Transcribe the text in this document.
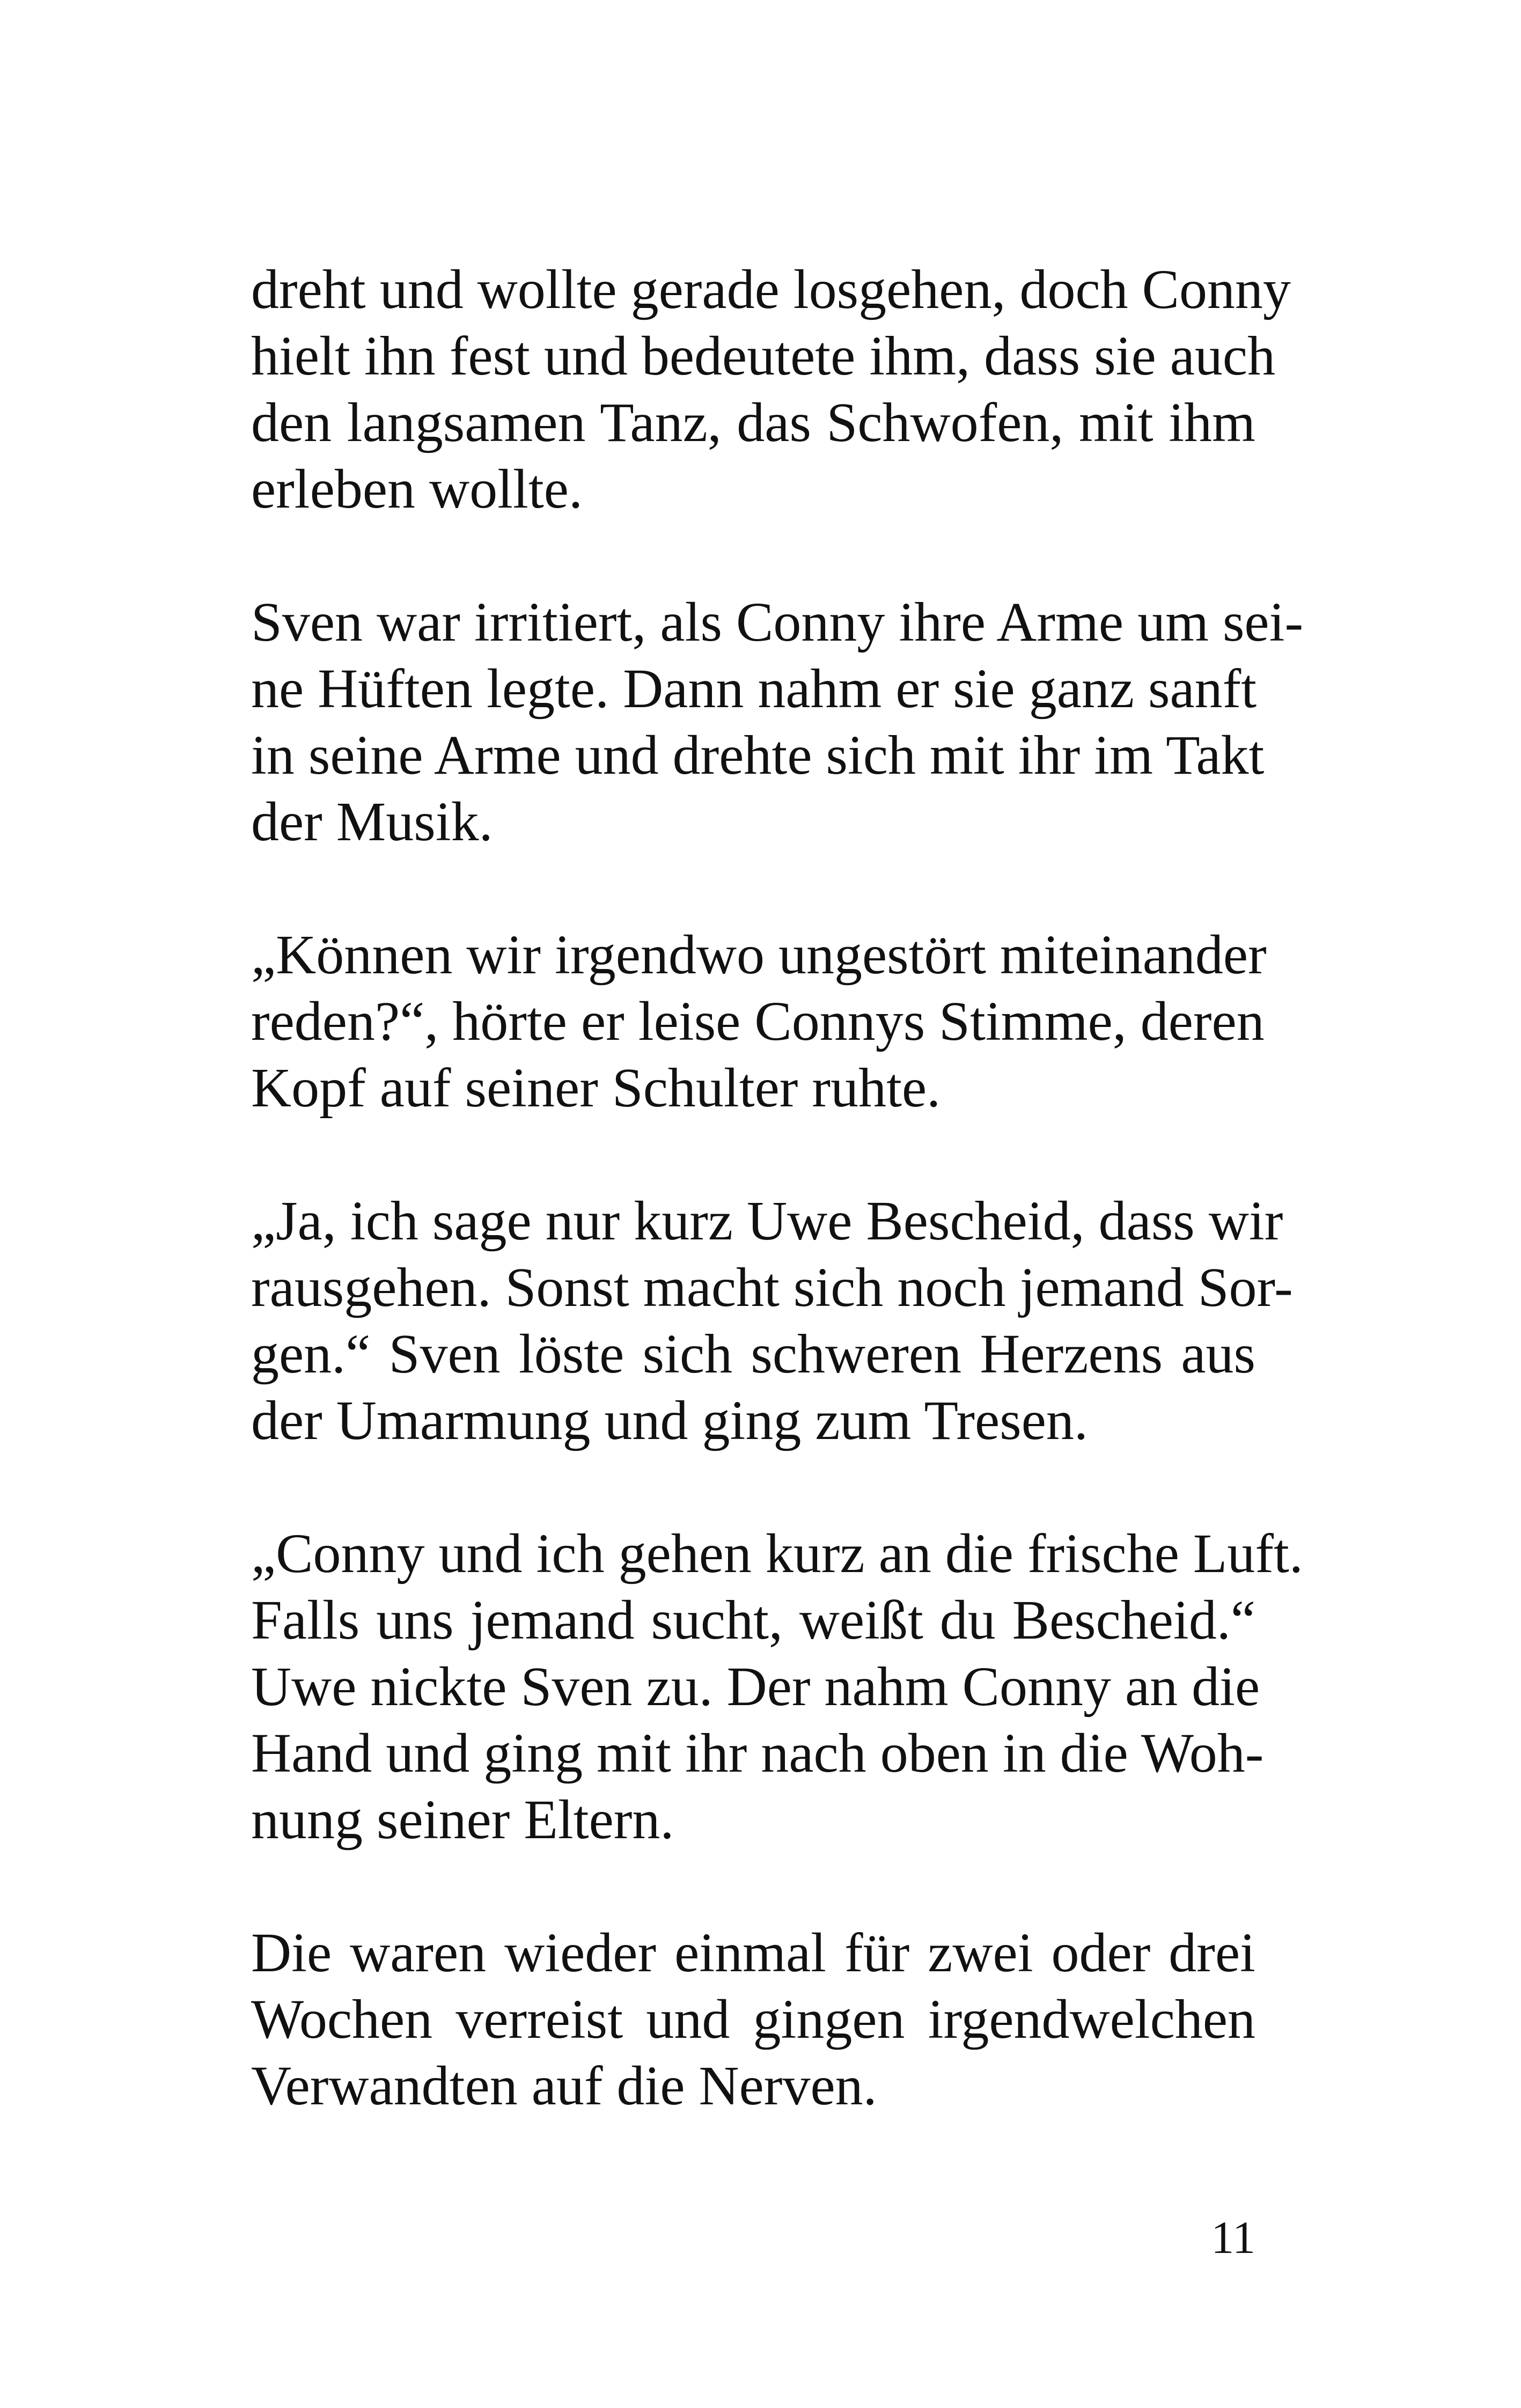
dreht und wollte gerade losgehen, doch Conny
hielt ihn fest und bedeutete ihm, dass sie auch
den langsamen Tanz, das Schwofen, mit ihm
erleben wollte.

Sven war irritiert, als Conny ihre Arme um sei-
ne Hüften legte. Dann nahm er sie ganz sanft
in seine Arme und drehte sich mit ihr im Takt
der Musik.

„Können wir irgendwo ungestört miteinander
reden?“, hörte er leise Connys Stimme, deren
Kopf auf seiner Schulter ruhte.

„Ja, ich sage nur kurz Uwe Bescheid, dass wir
rausgehen. Sonst macht sich noch jemand Sor-
gen.“ Sven löste sich schweren Herzens aus
der Umarmung und ging zum Tresen.

„Conny und ich gehen kurz an die frische Luft.
Falls uns jemand sucht, weißt du Bescheid.“
Uwe nickte Sven zu. Der nahm Conny an die
Hand und ging mit ihr nach oben in die Woh-
nung seiner Eltern.

Die waren wieder einmal für zwei oder drei
Wochen verreist und gingen irgendwelchen
Verwandten auf die Nerven.

11
